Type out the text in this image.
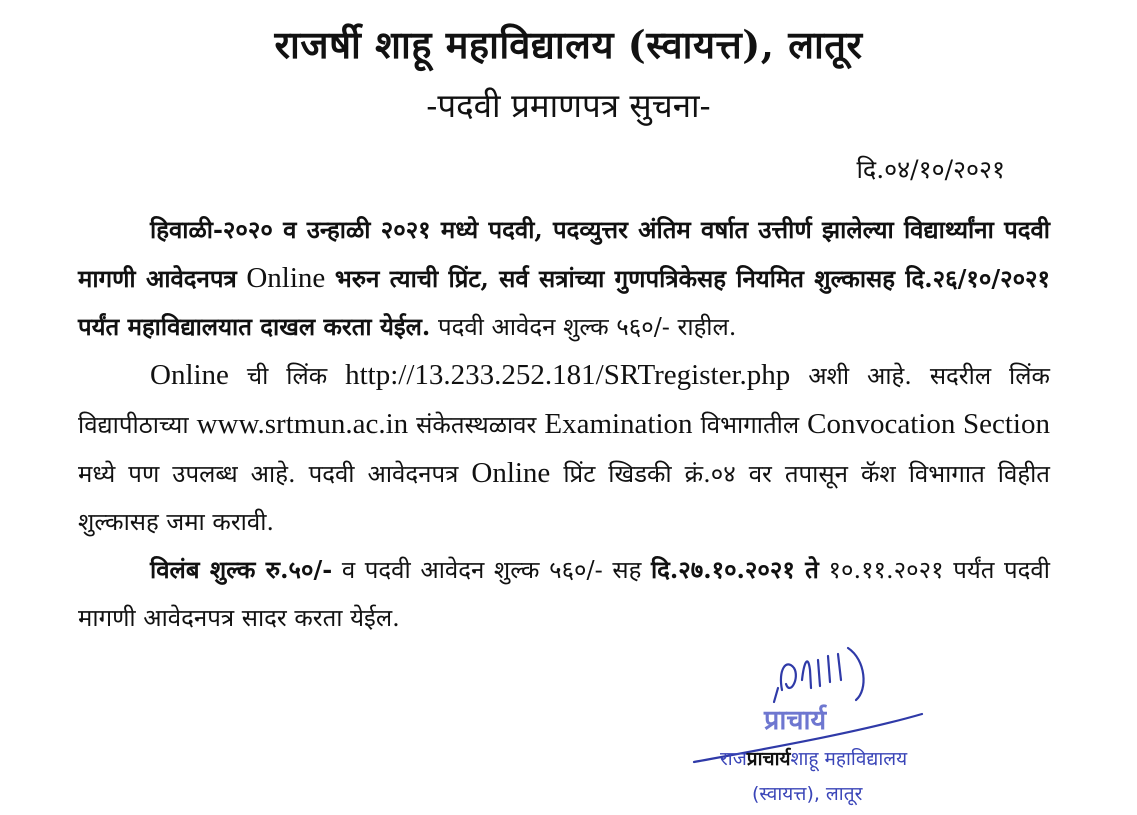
राजर्षी शाहू महाविद्यालय (स्वायत्त), लातूर
-पदवी प्रमाणपत्र सुचना-
दि.०४/१०/२०२१

हिवाळी-२०२० व उन्हाळी २०२१ मध्ये पदवी, पदव्युत्तर अंतिम वर्षात उत्तीर्ण झालेल्या विद्यार्थ्यांना पदवी मागणी आवेदनपत्र Online भरुन त्याची प्रिंट, सर्व सत्रांच्या गुणपत्रिकेसह नियमित शुल्कासह दि.२६/१०/२०२१ पर्यंत महाविद्यालयात दाखल करता येईल. पदवी आवेदन शुल्क ५६०/- राहील.

Online ची लिंक http://13.233.252.181/SRTregister.php अशी आहे. सदरील लिंक विद्यापीठाच्या www.srtmun.ac.in संकेतस्थळावर Examination विभागातील Convocation Section मध्ये पण उपलब्ध आहे. पदवी आवेदनपत्र Online प्रिंट खिडकी क्रं.०४ वर तपासून कॅश विभागात विहीत शुल्कासह जमा करावी.

विलंब शुल्क रु.५०/- व पदवी आवेदन शुल्क ५६०/- सह दि.२७.१०.२०२१ ते १०.११.२०२१ पर्यंत पदवी मागणी आवेदनपत्र सादर करता येईल.

प्राचार्य
राजप्राचार्यशाहू महाविद्यालय
(स्वायत्त), लातूर
